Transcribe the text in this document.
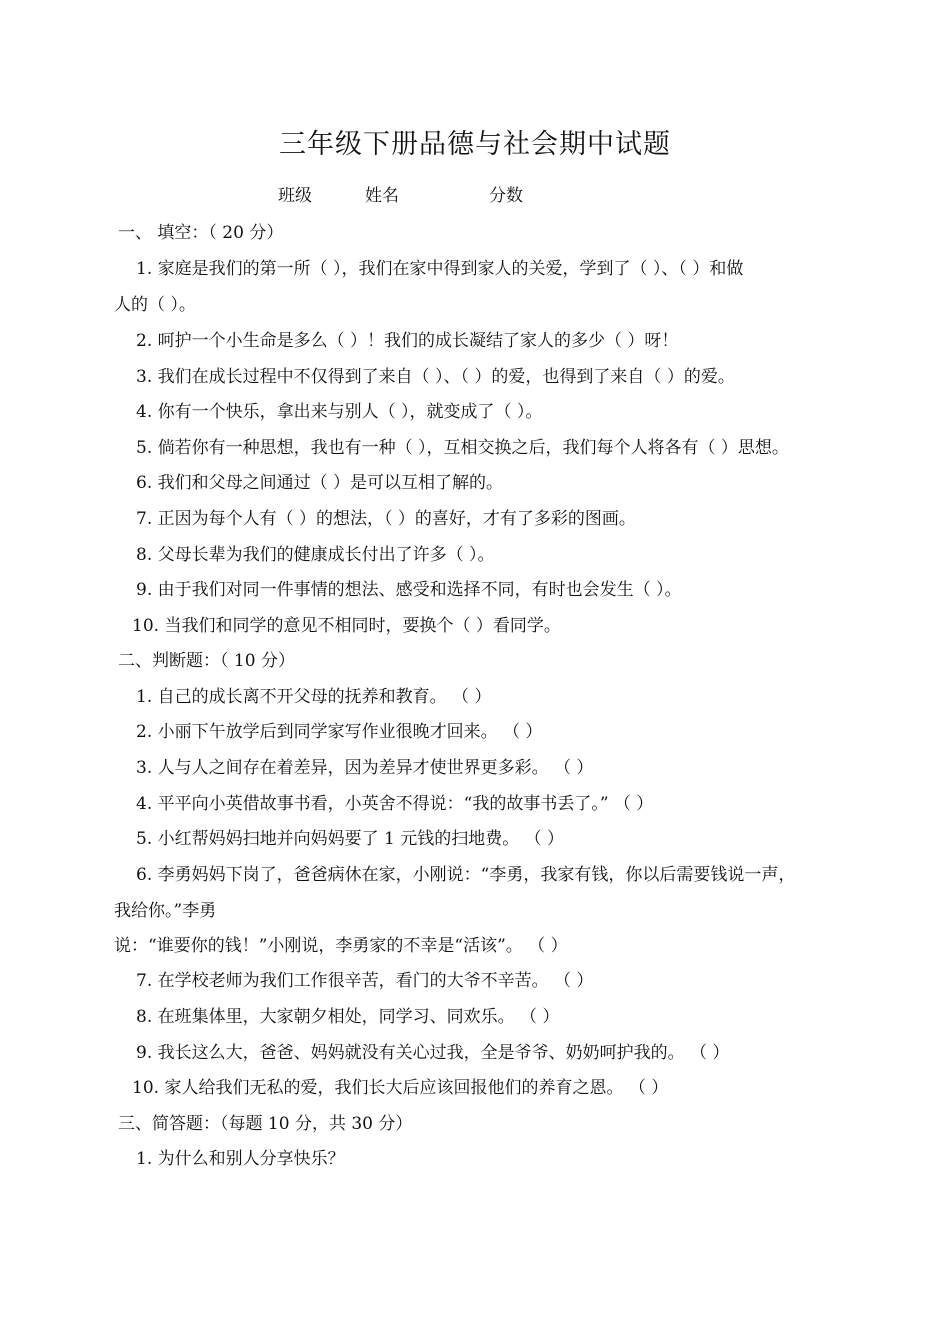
三年级下册品德与社会期中试题
班级	姓名	分数
一、 填空：（ 20 分）
1. 家庭是我们的第一所（ ），我们在家中得到家人的关爱，学到了（ ）、（ ）和做
人的（ ）。
2. 呵护一个小生命是多么（ ）！我们的成长凝结了家人的多少（ ）呀！
3. 我们在成长过程中不仅得到了来自（ ）、（ ）的爱，也得到了来自（ ）的爱。
4. 你有一个快乐，拿出来与别人（ ），就变成了（ ）。
5. 倘若你有一种思想，我也有一种（ ），互相交换之后，我们每个人将各有（ ）思想。
6. 我们和父母之间通过（ ）是可以互相了解的。
7. 正因为每个人有（ ）的想法，（ ）的喜好，才有了多彩的图画。
8. 父母长辈为我们的健康成长付出了许多（ ）。
9. 由于我们对同一件事情的想法、感受和选择不同，有时也会发生（ ）。
10. 当我们和同学的意见不相同时，要换个（ ）看同学。
二、判断题：（ 10 分）
1. 自己的成长离不开父母的抚养和教育。 （ ）
2. 小丽下午放学后到同学家写作业很晚才回来。 （ ）
3. 人与人之间存在着差异，因为差异才使世界更多彩。 （ ）
4. 平平向小英借故事书看，小英舍不得说：“我的故事书丢了。” （ ）
5. 小红帮妈妈扫地并向妈妈要了 1 元钱的扫地费。 （ ）
6. 李勇妈妈下岗了，爸爸病休在家，小刚说：“李勇，我家有钱，你以后需要钱说一声，
我给你。”李勇
说：“谁要你的钱！”小刚说，李勇家的不幸是“活该”。 （ ）
7. 在学校老师为我们工作很辛苦，看门的大爷不辛苦。 （ ）
8. 在班集体里，大家朝夕相处，同学习、同欢乐。 （ ）
9. 我长这么大，爸爸、妈妈就没有关心过我，全是爷爷、奶奶呵护我的。 （ ）
10. 家人给我们无私的爱，我们长大后应该回报他们的养育之恩。 （ ）
三、简答题：（每题 10 分，共 30 分）
1. 为什么和别人分享快乐？
